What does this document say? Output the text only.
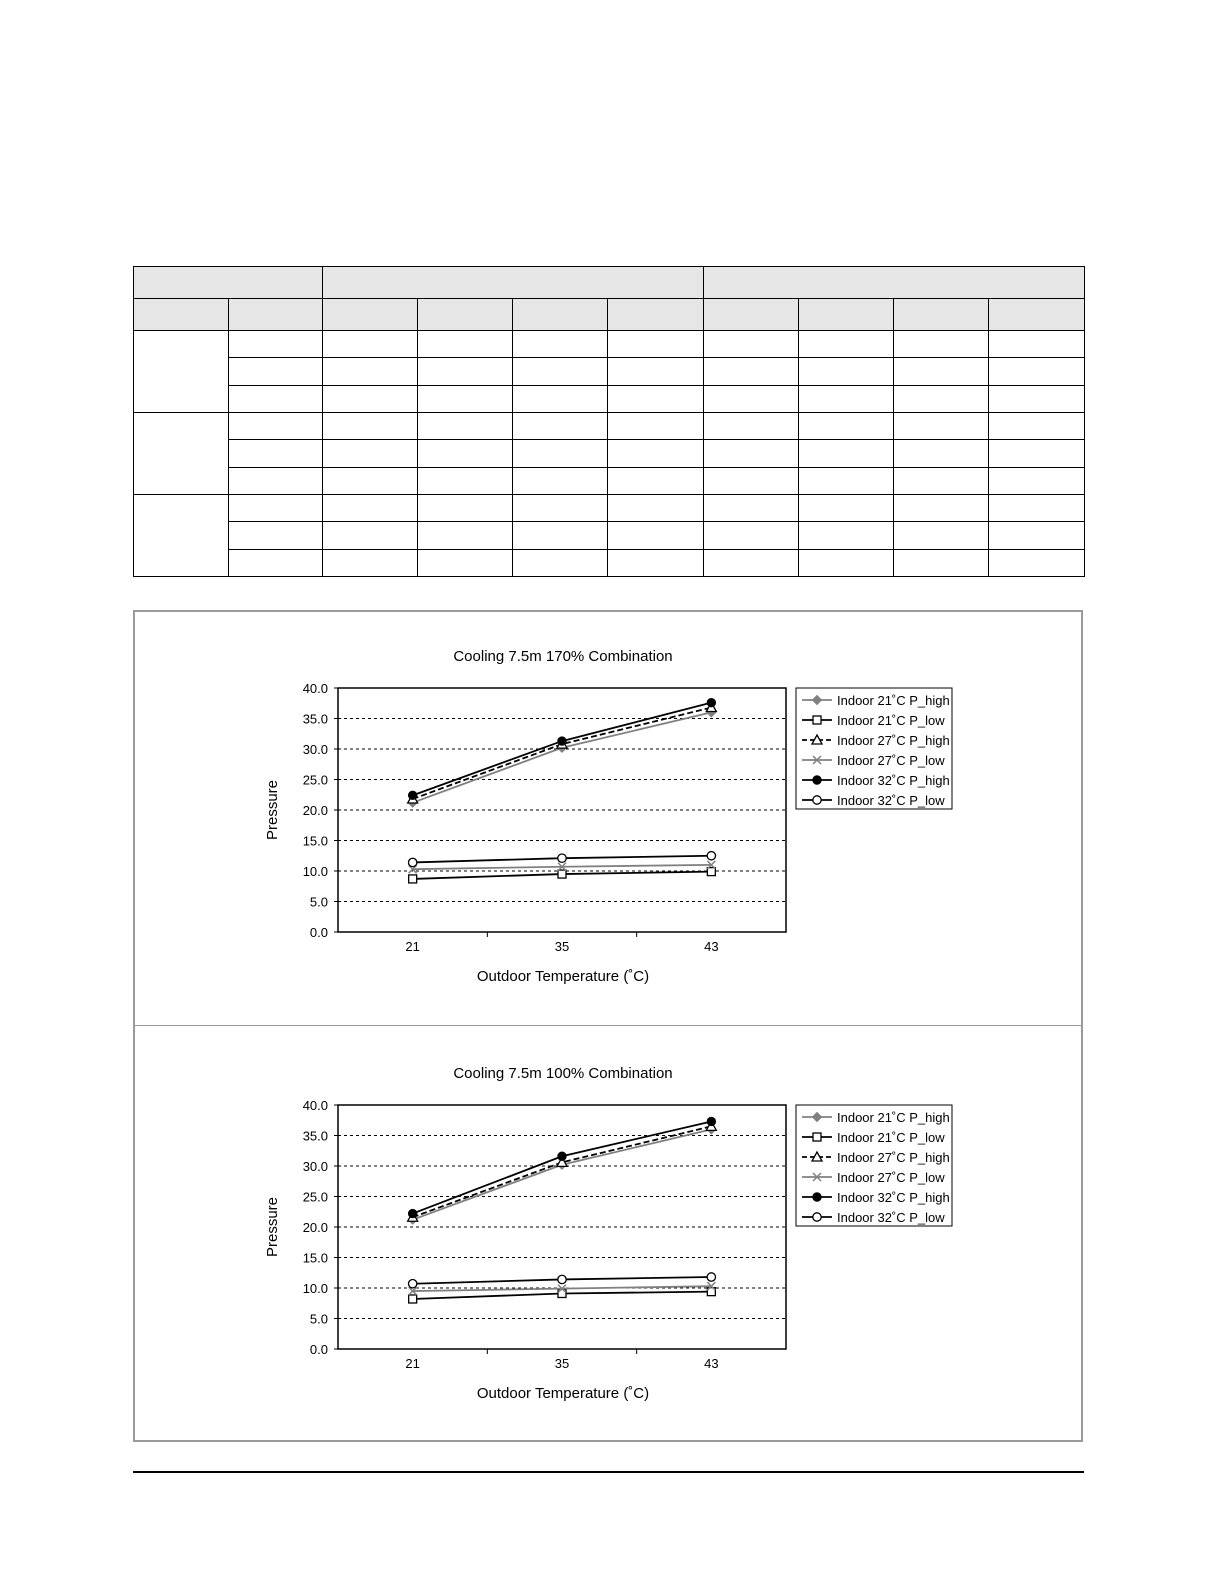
Cooling 7.5m 170% Combination
0.0
5.0
10.0
15.0
20.0
25.0
30.0
35.0
40.0
21	35	43
Outdoor Temperature (˚C)
Pressure
Indoor 21˚C P_high
Indoor 21˚C P_low
Indoor 27˚C P_high
Indoor 27˚C P_low
Indoor 32˚C P_high
Indoor 32˚C P_low
Cooling 7.5m 100% Combination
0.0
5.0
10.0
15.0
20.0
25.0
30.0
35.0
40.0
21	35	43
Outdoor Temperature (˚C)
Pressure
Indoor 21˚C P_high
Indoor 21˚C P_low
Indoor 27˚C P_high
Indoor 27˚C P_low
Indoor 32˚C P_high
Indoor 32˚C P_low
